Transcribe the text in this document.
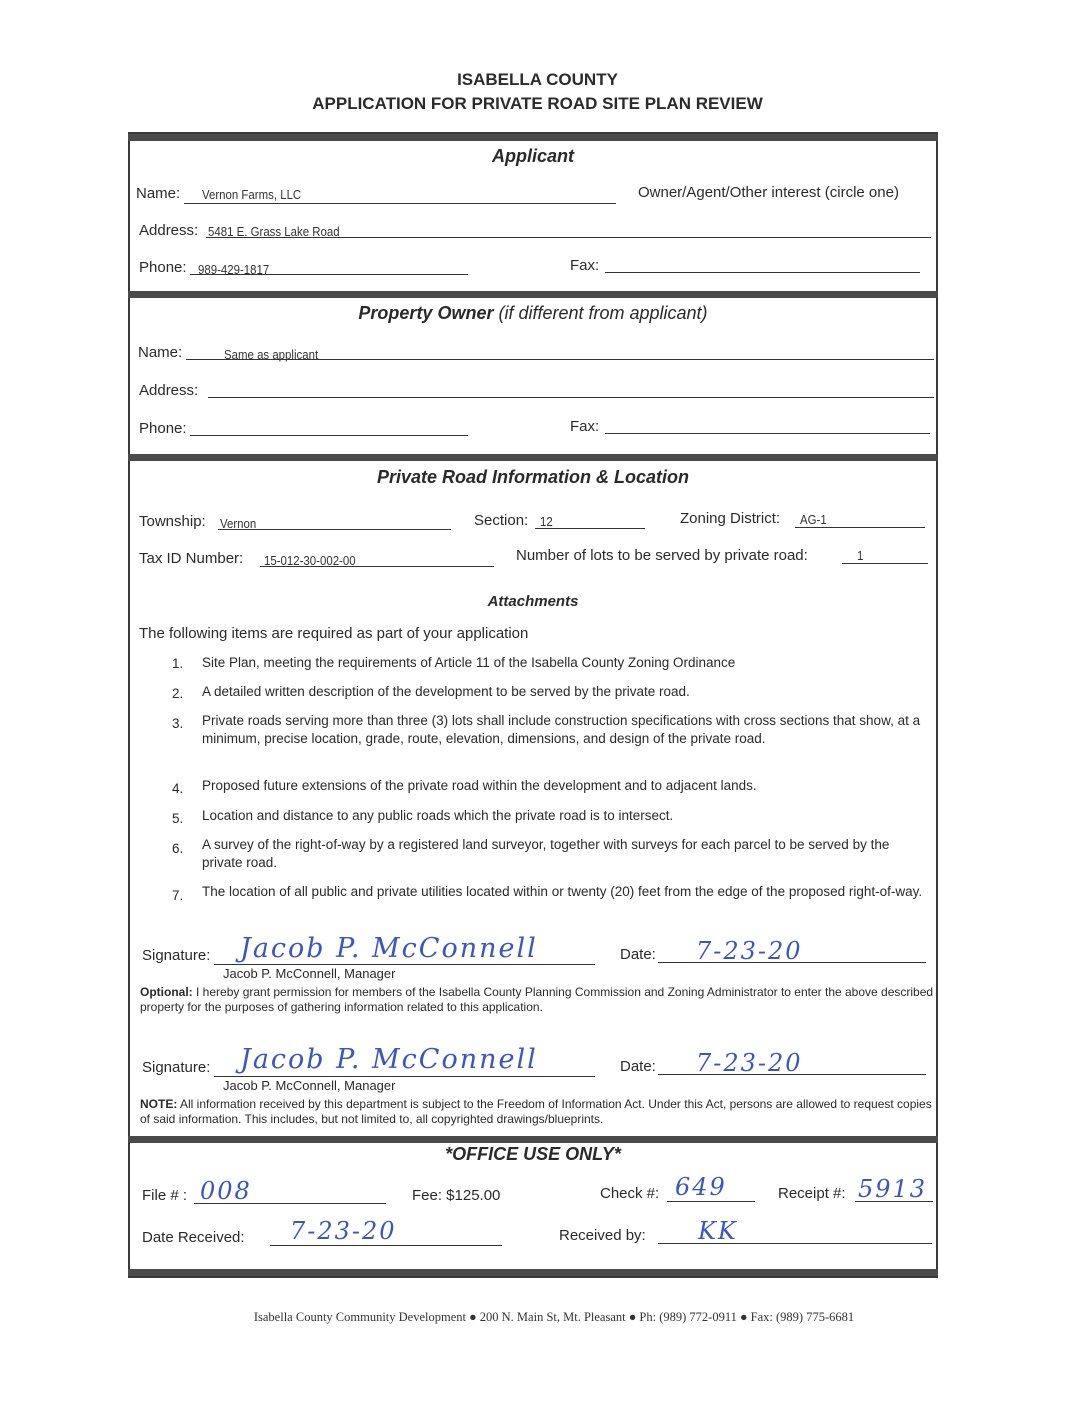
ISABELLA COUNTY
APPLICATION FOR PRIVATE ROAD SITE PLAN REVIEW
Applicant
Name: Vernon Farms, LLC	Owner/Agent/Other interest (circle one)
Address: 5481 E. Grass Lake Road
Phone: 989-429-1817	Fax:
Property Owner (if different from applicant)
Name:	Same as applicant
Address:
Phone:	Fax:
Private Road Information & Location
Township: Vernon	Section: 12	Zoning District: AG-1
Tax ID Number: 15-012-30-002-00	Number of lots to be served by private road:	1
Attachments
The following items are required as part of your application
1. Site Plan, meeting the requirements of Article 11 of the Isabella County Zoning Ordinance
2. A detailed written description of the development to be served by the private road.
3. Private roads serving more than three (3) lots shall include construction specifications with cross sections that show, at a minimum, precise location, grade, route, elevation, dimensions, and design of the private road.
4. Proposed future extensions of the private road within the development and to adjacent lands.
5. Location and distance to any public roads which the private road is to intersect.
6. A survey of the right-of-way by a registered land surveyor, together with surveys for each parcel to be served by the private road.
7. The location of all public and private utilities located within or twenty (20) feet from the edge of the proposed right-of-way.
Signature: Jacob P. McConnell
Jacob P. McConnell, Manager
Date: 7-23-20
Optional: I hereby grant permission for members of the Isabella County Planning Commission and Zoning Administrator to enter the above described property for the purposes of gathering information related to this application.
Signature: Jacob P. McConnell
Jacob P. McConnell, Manager
Date: 7-23-20
NOTE: All information received by this department is subject to the Freedom of Information Act. Under this Act, persons are allowed to request copies of said information. This includes, but not limited to, all copyrighted drawings/blueprints.
*OFFICE USE ONLY*
File # : 008	Fee: $125.00	Check #: 649	Receipt #: 5913
Date Received: 7-23-20	Received by: KK
Isabella County Community Development ● 200 N. Main St, Mt. Pleasant ● Ph: (989) 772-0911 ● Fax: (989) 775-6681
